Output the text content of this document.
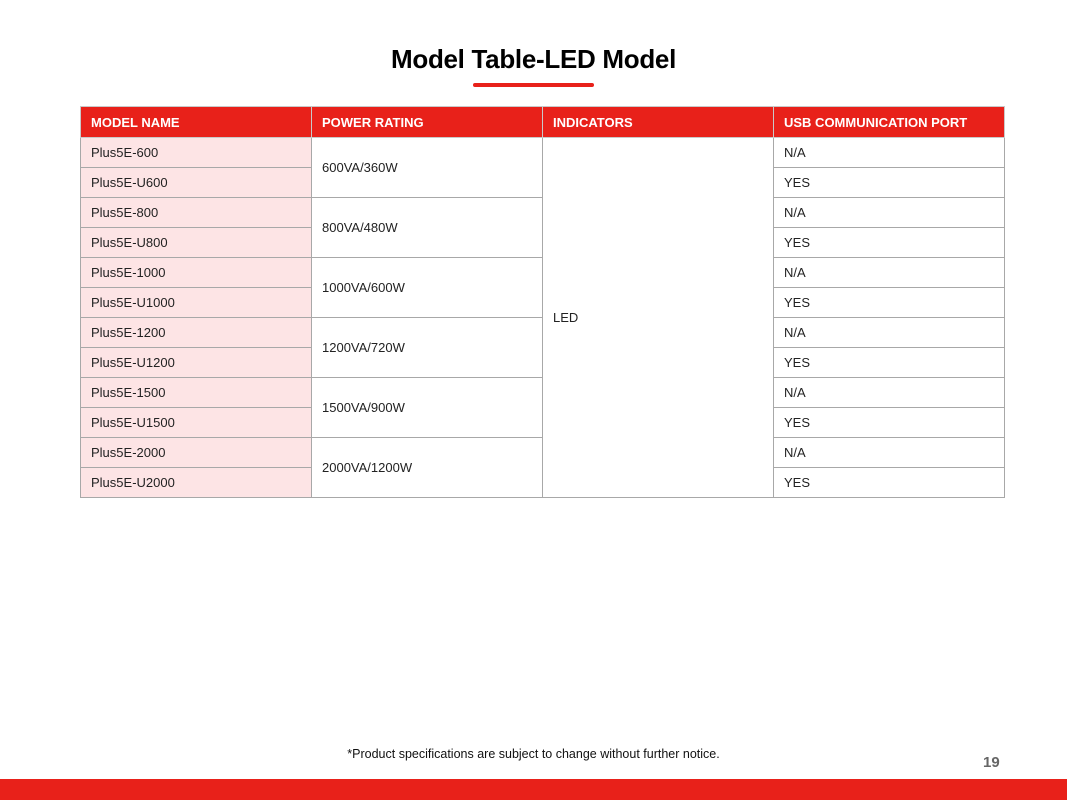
Model Table-LED Model
MODEL NAME	POWER RATING	INDICATORS	USB COMMUNICATION PORT
Plus5E-600	600VA/360W	LED	N/A
Plus5E-U600			YES
Plus5E-800	800VA/480W		N/A
Plus5E-U800			YES
Plus5E-1000	1000VA/600W		N/A
Plus5E-U1000			YES
Plus5E-1200	1200VA/720W		N/A
Plus5E-U1200			YES
Plus5E-1500	1500VA/900W		N/A
Plus5E-U1500			YES
Plus5E-2000	2000VA/1200W		N/A
Plus5E-U2000			YES
*Product specifications are subject to change without further notice.	19
